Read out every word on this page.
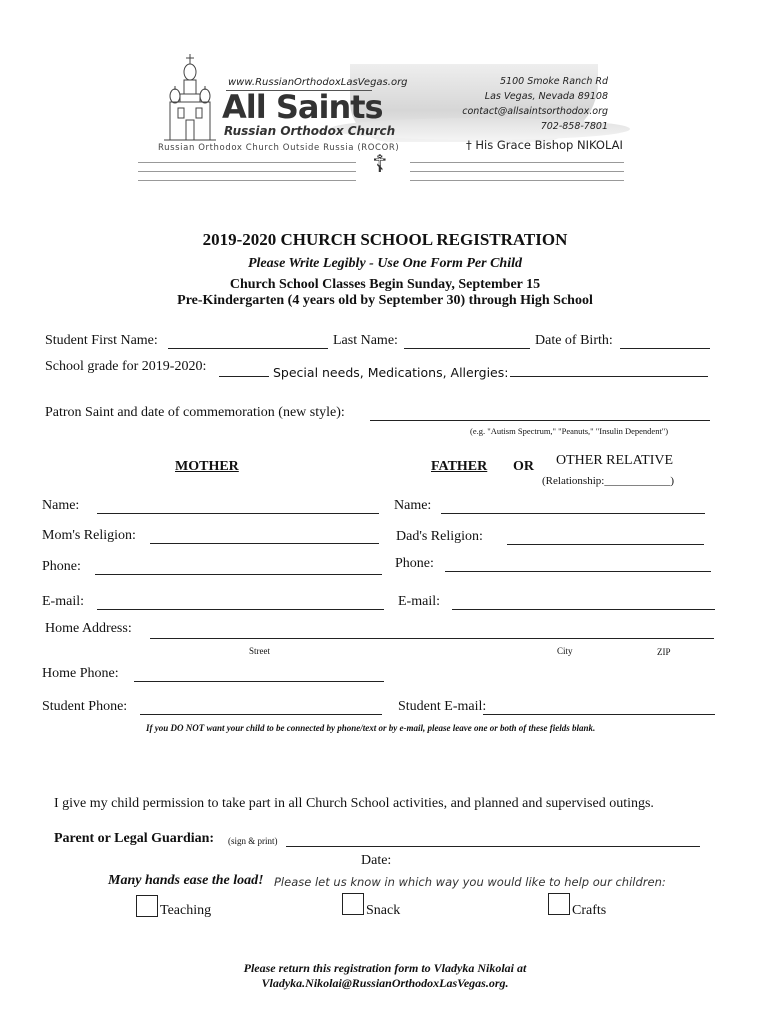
www.RussianOrthodoxLasVegas.org
All Saints
Russian Orthodox Church
Russian Orthodox Church Outside Russia (ROCOR)
5100 Smoke Ranch Rd
Las Vegas, Nevada 89108
contact@allsaintsorthodox.org
702-858-7801
† His Grace Bishop NIKOLAI
☦
2019-2020 CHURCH SCHOOL REGISTRATION
Please Write Legibly - Use One Form Per Child
Church School Classes Begin Sunday, September 15
Pre-Kindergarten (4 years old by September 30) through High School
Student First Name:	Last Name:	Date of Birth:
School grade for 2019-2020:	Special needs, Medications, Allergies:
Patron Saint and date of commemoration (new style):
(e.g. "Autism Spectrum," "Peanuts," "Insulin Dependent")
MOTHER	FATHER OR OTHER RELATIVE
(Relationship:____________)
Name:	Name:
Mom's Religion:	Dad's Religion:
Phone:	Phone:
E-mail:	E-mail:
Home Address:
Street	City	ZIP
Home Phone:
Student Phone:	Student E-mail:
If you DO NOT want your child to be connected by phone/text or by e-mail, please leave one or both of these fields blank.
I give my child permission to take part in all Church School activities, and planned and supervised outings.
Parent or Legal Guardian: (sign & print)
Date:
Many hands ease the load! Please let us know in which way you would like to help our children:
Teaching	Snack	Crafts
Please return this registration form to Vladyka Nikolai at
Vladyka.Nikolai@RussianOrthodoxLasVegas.org.
